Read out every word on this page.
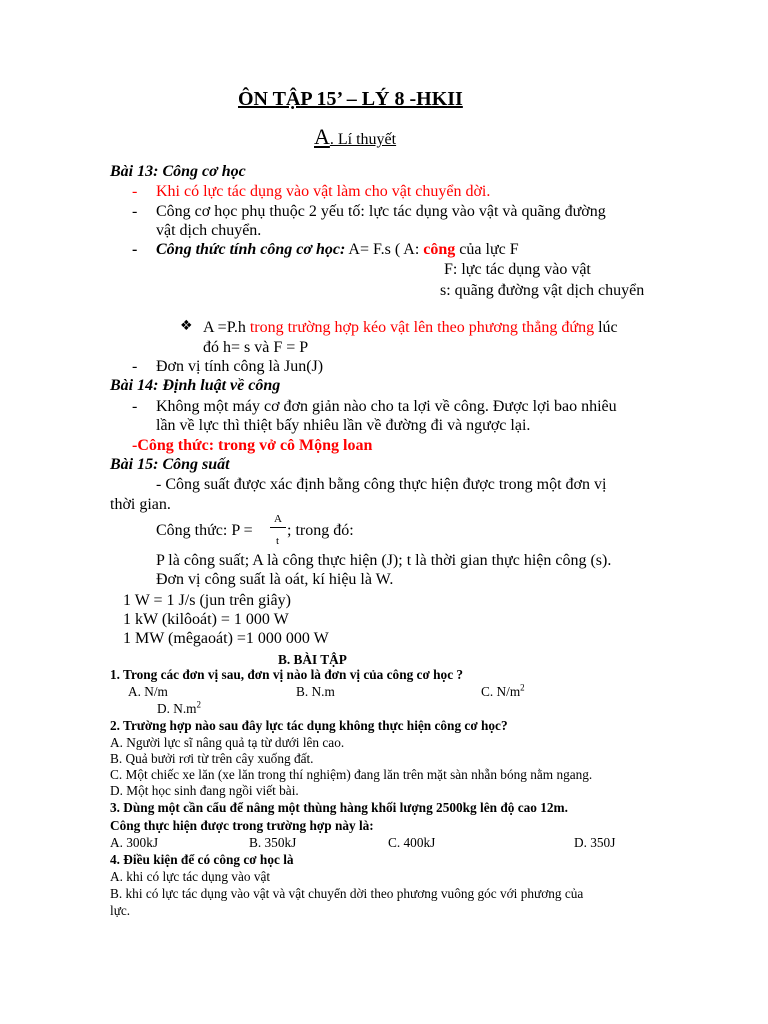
ÔN TẬP 15’ – LÝ 8 -HKII
A. Lí thuyết
Bài 13: Công cơ học
- Khi có lực tác dụng vào vật làm cho vật chuyển dời.
- Công cơ học phụ thuộc 2 yếu tố: lực tác dụng vào vật và quãng đường
vật dịch chuyển.
- Công thức tính công cơ học: A= F.s ( A: công của lực F
F: lực tác dụng vào vật
s: quãng đường vật dịch chuyển
❖ A =P.h trong trường hợp kéo vật lên theo phương thẳng đứng lúc
đó h= s và F = P
- Đơn vị tính công là Jun(J)
Bài 14: Định luật về công
- Không một máy cơ đơn giản nào cho ta lợi về công. Được lợi bao nhiêu
lần về lực thì thiệt bấy nhiêu lần về đường đi và ngược lại.
-Công thức: trong vở cô Mộng loan
Bài 15: Công suất
- Công suất được xác định bằng công thực hiện được trong một đơn vị
thời gian.
Công thức: P =
A
t
; trong đó:
P là công suất; A là công thực hiện (J); t là thời gian thực hiện công (s).
Đơn vị công suất là oát, kí hiệu là W.
1 W = 1 J/s (jun trên giây)
1 kW (kilôoát) = 1 000 W
1 MW (mêgaoát) =1 000 000 W
B. BÀI TẬP
1. Trong các đơn vị sau, đơn vị nào là đơn vị của công cơ học ?
A. N/m	B. N.m	C. $N/m^2$
D. $N.m^2$
2. Trường hợp nào sau đây lực tác dụng không thực hiện công cơ học?
A. Người lực sĩ nâng quả tạ từ dưới lên cao.
B. Quả bưởi rơi từ trên cây xuống đất.
C. Một chiếc xe lăn (xe lăn trong thí nghiệm) đang lăn trên mặt sàn nhẵn bóng nằm ngang.
D. Một học sinh đang ngồi viết bài.
3. Dùng một cần cẩu để nâng một thùng hàng khối lượng 2500kg lên độ cao 12m.
Công thực hiện được trong trường hợp này là:
A. 300kJ	B. 350kJ	C. 400kJ	D. 350J
4. Điều kiện để có công cơ học là
A. khi có lực tác dụng vào vật
B. khi có lực tác dụng vào vật và vật chuyển dời theo phương vuông góc với phương của
lực.
